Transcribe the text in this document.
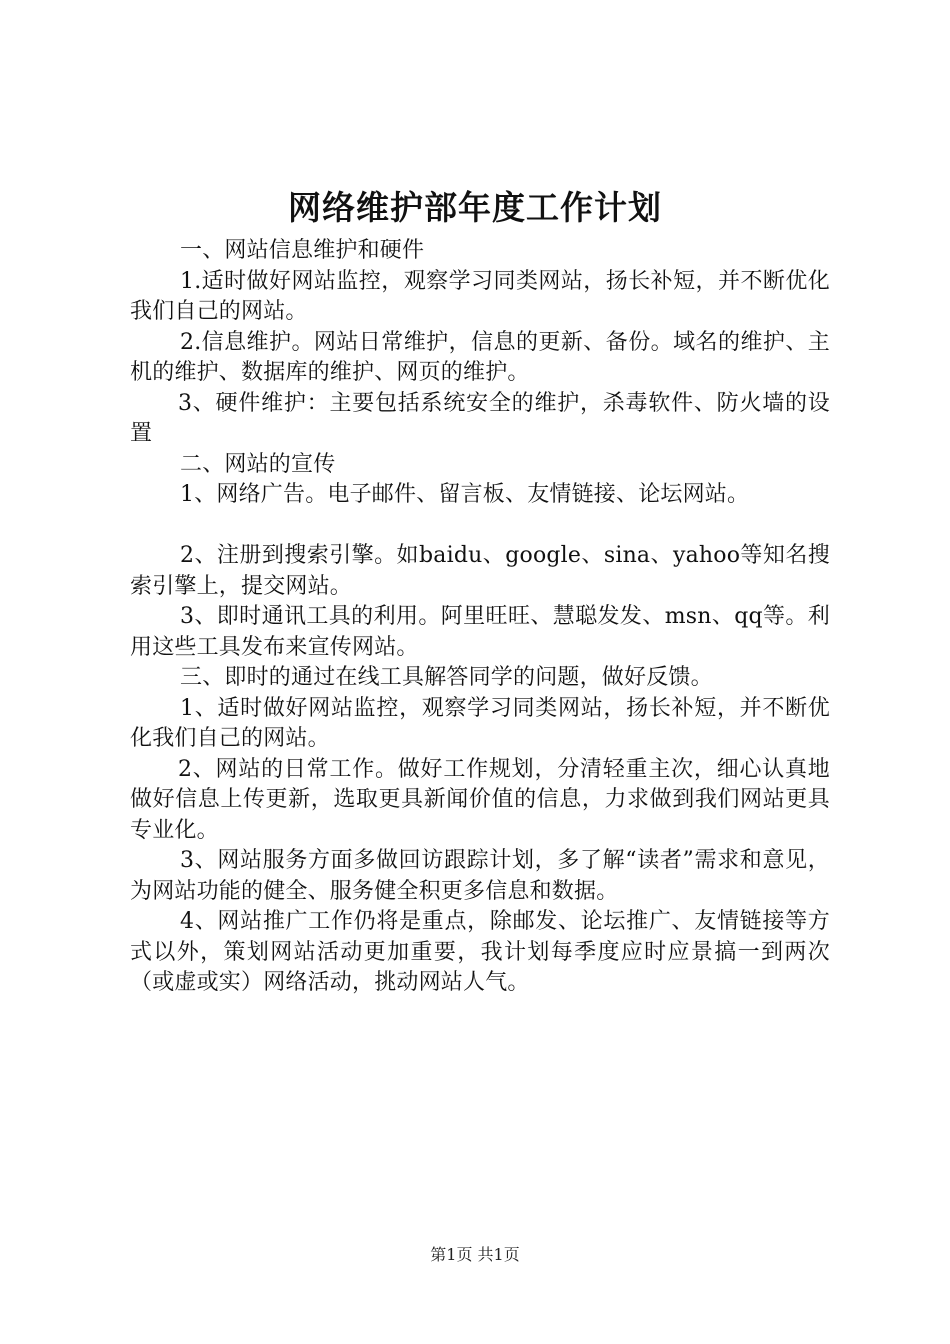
网络维护部年度工作计划

一、网站信息维护和硬件

1.适时做好网站监控，观察学习同类网站，扬长补短，并不断优化我们自己的网站。

2.信息维护。网站日常维护，信息的更新、备份。域名的维护、主机的维护、数据库的维护、网页的维护。

3、硬件维护：主要包括系统安全的维护，杀毒软件、防火墙的设置

二、网站的宣传

1、网络广告。电子邮件、留言板、友情链接、论坛网站。

2、注册到搜索引擎。如baidu、google、sina、yahoo等知名搜索引擎上，提交网站。

3、即时通讯工具的利用。阿里旺旺、慧聪发发、msn、qq等。利用这些工具发布来宣传网站。

三、即时的通过在线工具解答同学的问题，做好反馈。

1、适时做好网站监控，观察学习同类网站，扬长补短，并不断优化我们自己的网站。

2、网站的日常工作。做好工作规划，分清轻重主次，细心认真地做好信息上传更新，选取更具新闻价值的信息，力求做到我们网站更具专业化。

3、网站服务方面多做回访跟踪计划，多了解“读者”需求和意见，为网站功能的健全、服务健全积更多信息和数据。

4、网站推广工作仍将是重点，除邮发、论坛推广、友情链接等方式以外，策划网站活动更加重要，我计划每季度应时应景搞一到两次（或虚或实）网络活动，挑动网站人气。

第1页 共1页
